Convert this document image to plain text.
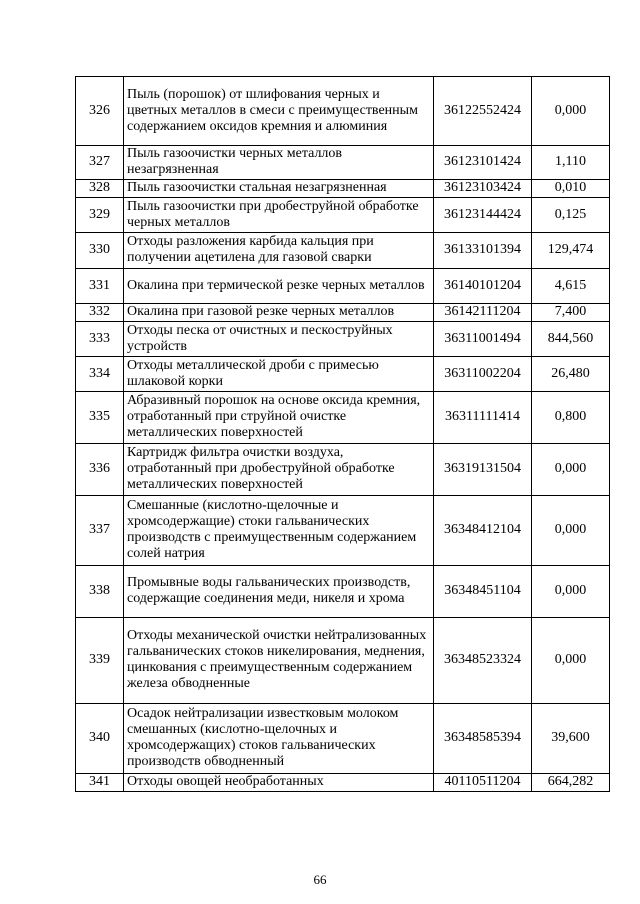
326	Пыль (порошок) от шлифования черных и цветных металлов в смеси с преимущественным содержанием оксидов кремния и алюминия	36122552424	0,000
327	Пыль газоочистки черных металлов незагрязненная	36123101424	1,110
328	Пыль газоочистки стальная незагрязненная	36123103424	0,010
329	Пыль газоочистки при дробеструйной обработке черных металлов	36123144424	0,125
330	Отходы разложения карбида кальция при получении ацетилена для газовой сварки	36133101394	129,474
331	Окалина при термической резке черных металлов	36140101204	4,615
332	Окалина при газовой резке черных металлов	36142111204	7,400
333	Отходы песка от очистных и пескоструйных устройств	36311001494	844,560
334	Отходы металлической дроби с примесью шлаковой корки	36311002204	26,480
335	Абразивный порошок на основе оксида кремния, отработанный при струйной очистке металлических поверхностей	36311111414	0,800
336	Картридж фильтра очистки воздуха, отработанный при дробеструйной обработке металлических поверхностей	36319131504	0,000
337	Смешанные (кислотно-щелочные и хромсодержащие) стоки гальванических производств с преимущественным содержанием солей натрия	36348412104	0,000
338	Промывные воды гальванических производств, содержащие соединения меди, никеля и хрома	36348451104	0,000
339	Отходы механической очистки нейтрализованных гальванических стоков никелирования, меднения, цинкования с преимущественным содержанием железа обводненные	36348523324	0,000
340	Осадок нейтрализации известковым молоком смешанных (кислотно-щелочных и хромсодержащих) стоков гальванических производств обводненный	36348585394	39,600
341	Отходы овощей необработанных	40110511204	664,282
66
